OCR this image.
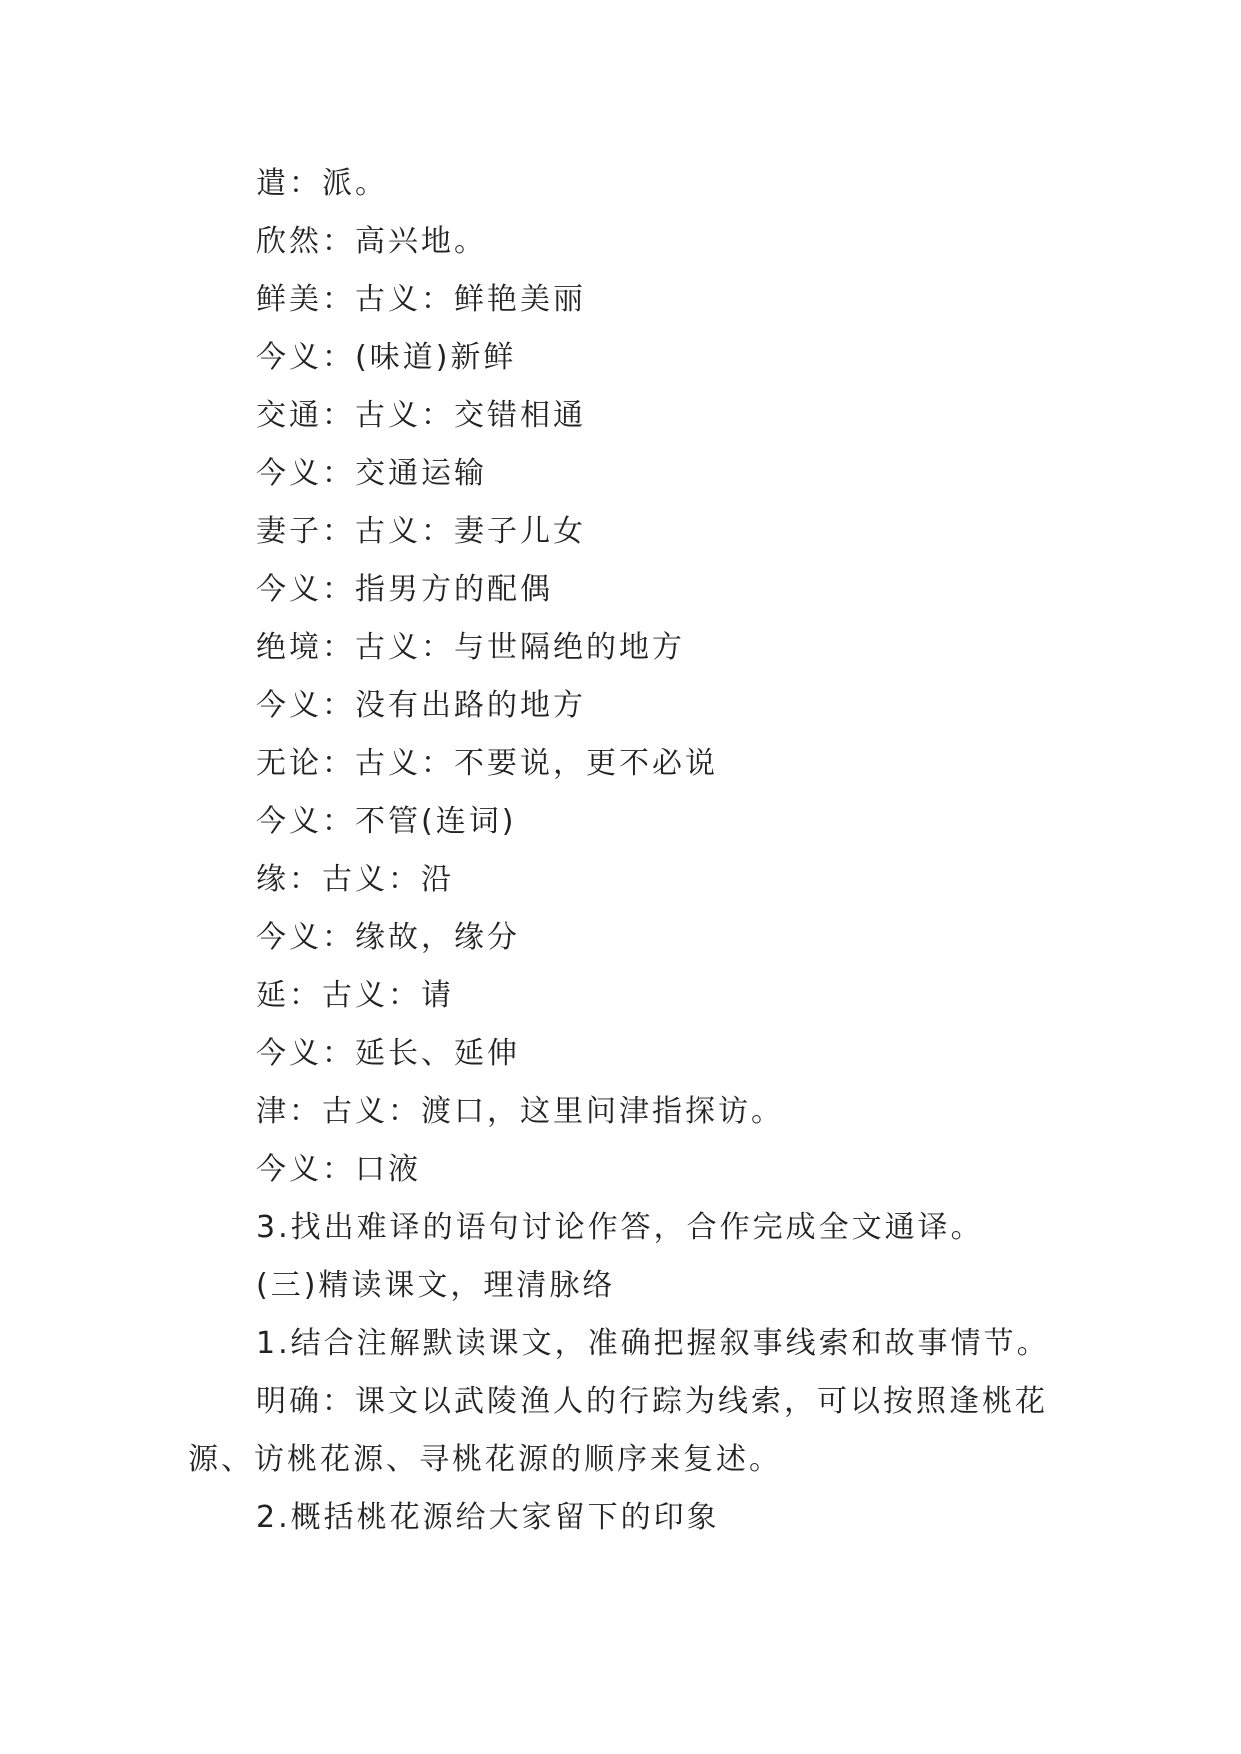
遣：派。
欣然：高兴地。
鲜美：古义：鲜艳美丽
今义：(味道)新鲜
交通：古义：交错相通
今义：交通运输
妻子：古义：妻子儿女
今义：指男方的配偶
绝境：古义：与世隔绝的地方
今义：没有出路的地方
无论：古义：不要说，更不必说
今义：不管(连词)
缘：古义：沿
今义：缘故，缘分
延：古义：请
今义：延长、延伸
津：古义：渡口，这里问津指探访。
今义：口液
3.找出难译的语句讨论作答，合作完成全文通译。
(三)精读课文，理清脉络
1.结合注解默读课文，准确把握叙事线索和故事情节。
明确：课文以武陵渔人的行踪为线索，可以按照逢桃花
源、访桃花源、寻桃花源的顺序来复述。
2.概括桃花源给大家留下的印象
